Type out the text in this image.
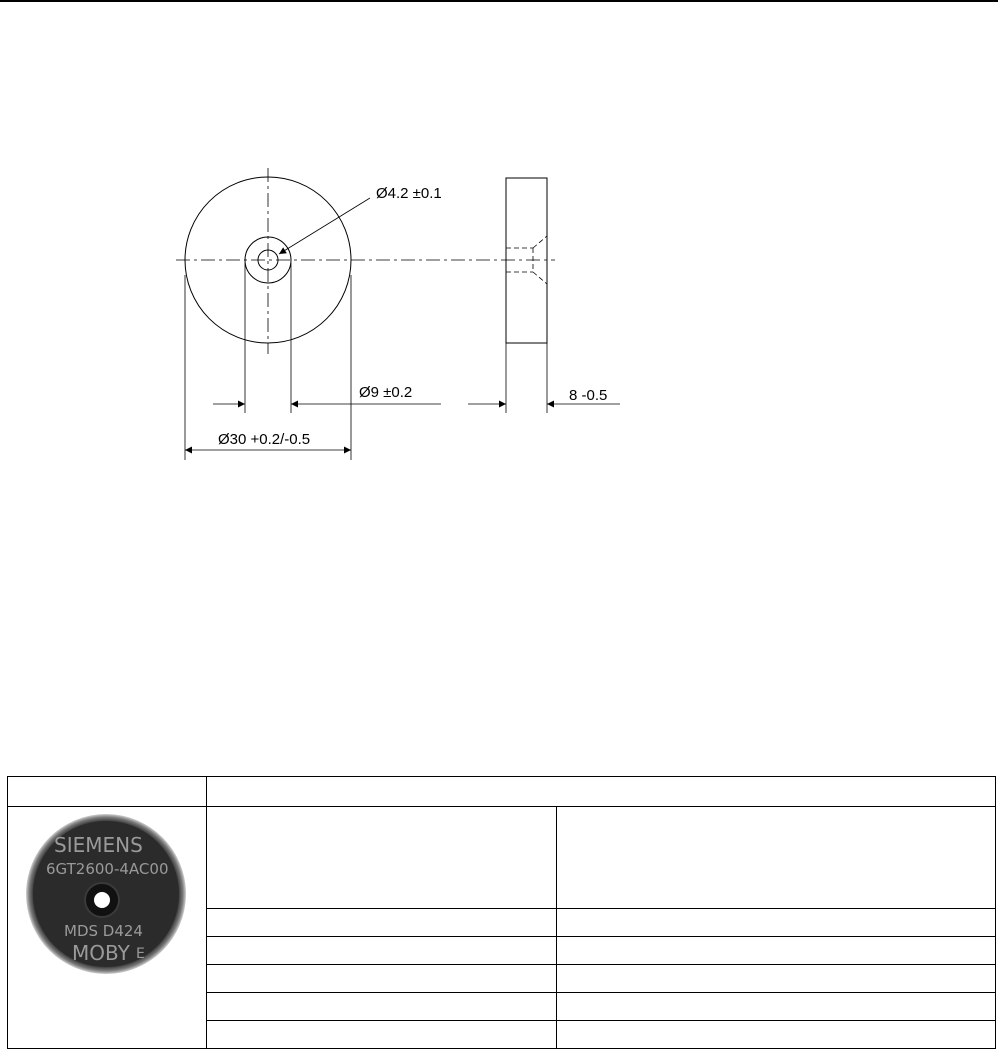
Ø4.2 ±0.1
Ø9 ±0.2
Ø30 +0.2/-0.5
8 -0.5

SIEMENS
6GT2600-4AC00
MDS D424
MOBY E		
